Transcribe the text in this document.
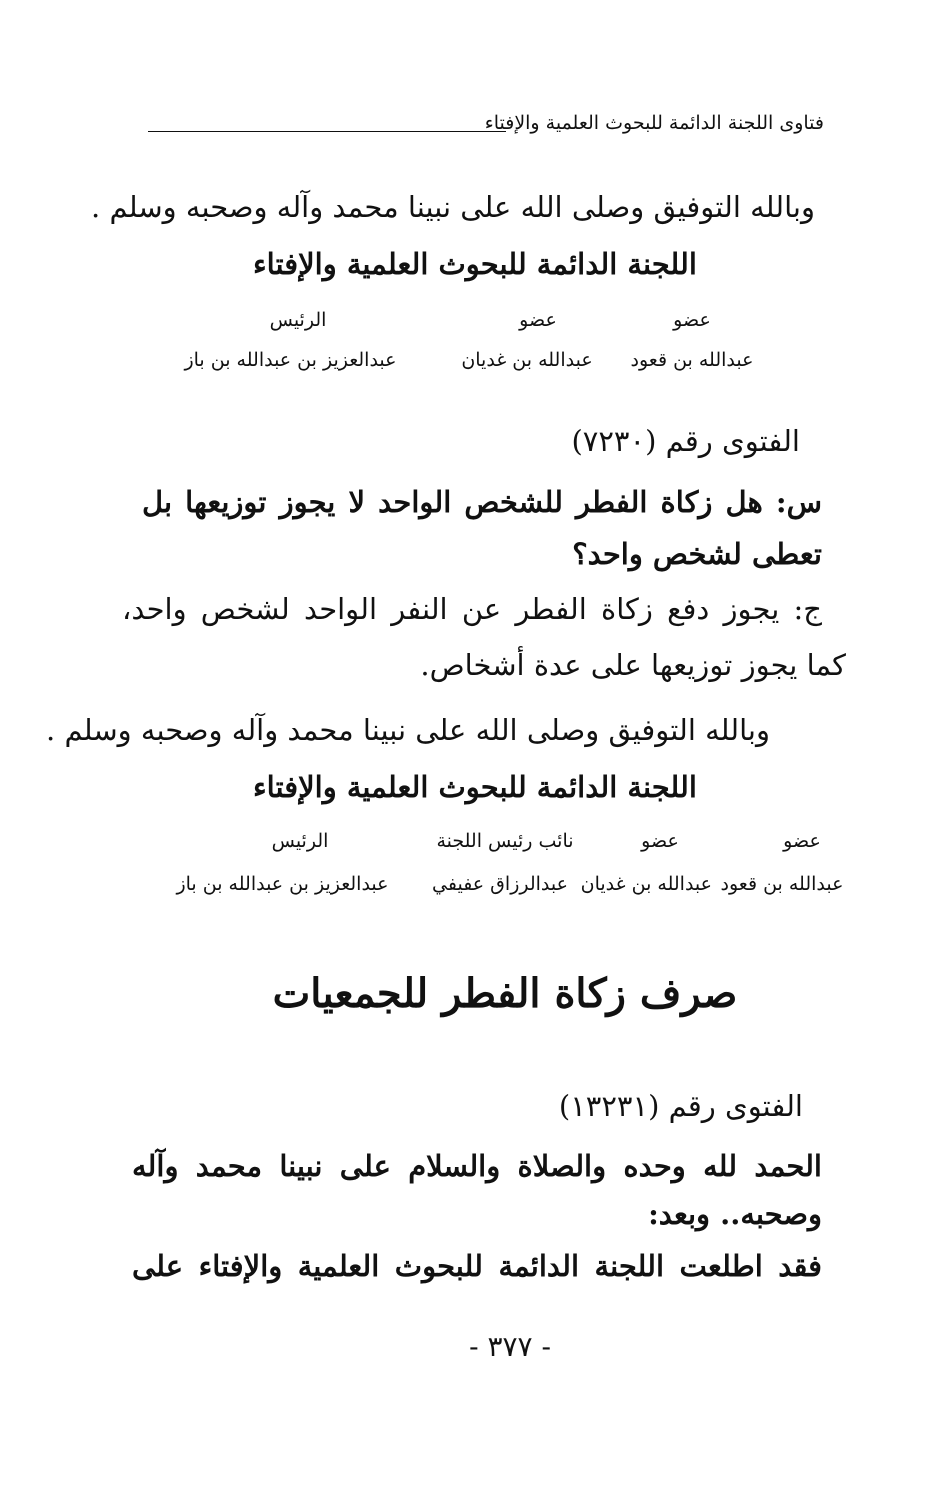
فتاوى اللجنة الدائمة للبحوث العلمية والإفتاء
وبالله التوفيق وصلى الله على نبينا محمد وآله وصحبه وسلم .
اللجنة الدائمة للبحوث العلمية والإفتاء
عضو
عبدالله بن قعود
عضو
عبدالله بن غديان
الرئيس
عبدالعزيز بن عبدالله بن باز
الفتوى رقم (٧٢٣٠)
س: هل زكاة الفطر للشخص الواحد لا يجوز توزيعها بل
تعطى لشخص واحد؟
ج: يجوز دفع زكاة الفطر عن النفر الواحد لشخص واحد،
كما يجوز توزيعها على عدة أشخاص.
وبالله التوفيق وصلى الله على نبينا محمد وآله وصحبه وسلم .
اللجنة الدائمة للبحوث العلمية والإفتاء
عضو
عبدالله بن قعود
عضو
عبدالله بن غديان
نائب رئيس اللجنة
عبدالرزاق عفيفي
الرئيس
عبدالعزيز بن عبدالله بن باز
صرف زكاة الفطر للجمعيات
الفتوى رقم (١٣٢٣١)
الحمد لله وحده والصلاة والسلام على نبينا محمد وآله
وصحبه.. وبعد:
فقد اطلعت اللجنة الدائمة للبحوث العلمية والإفتاء على
- ٣٧٧ -
